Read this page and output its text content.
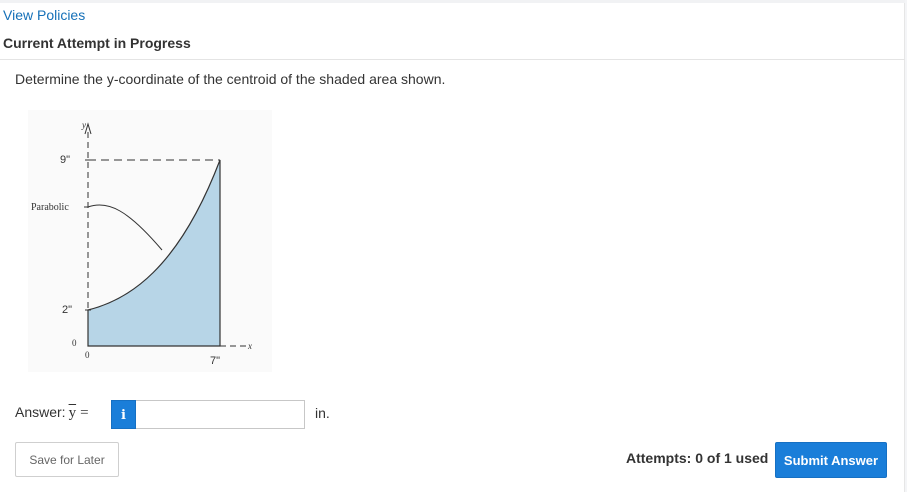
View Policies
Current Attempt in Progress
Determine the y-coordinate of the centroid of the shaded area shown.
y
9"
Parabolic
2"
0
0	7"
x
Answer: $\overline{y}$ =	i	in.
Save for Later	Attempts: 0 of 1 used	Submit Answer
